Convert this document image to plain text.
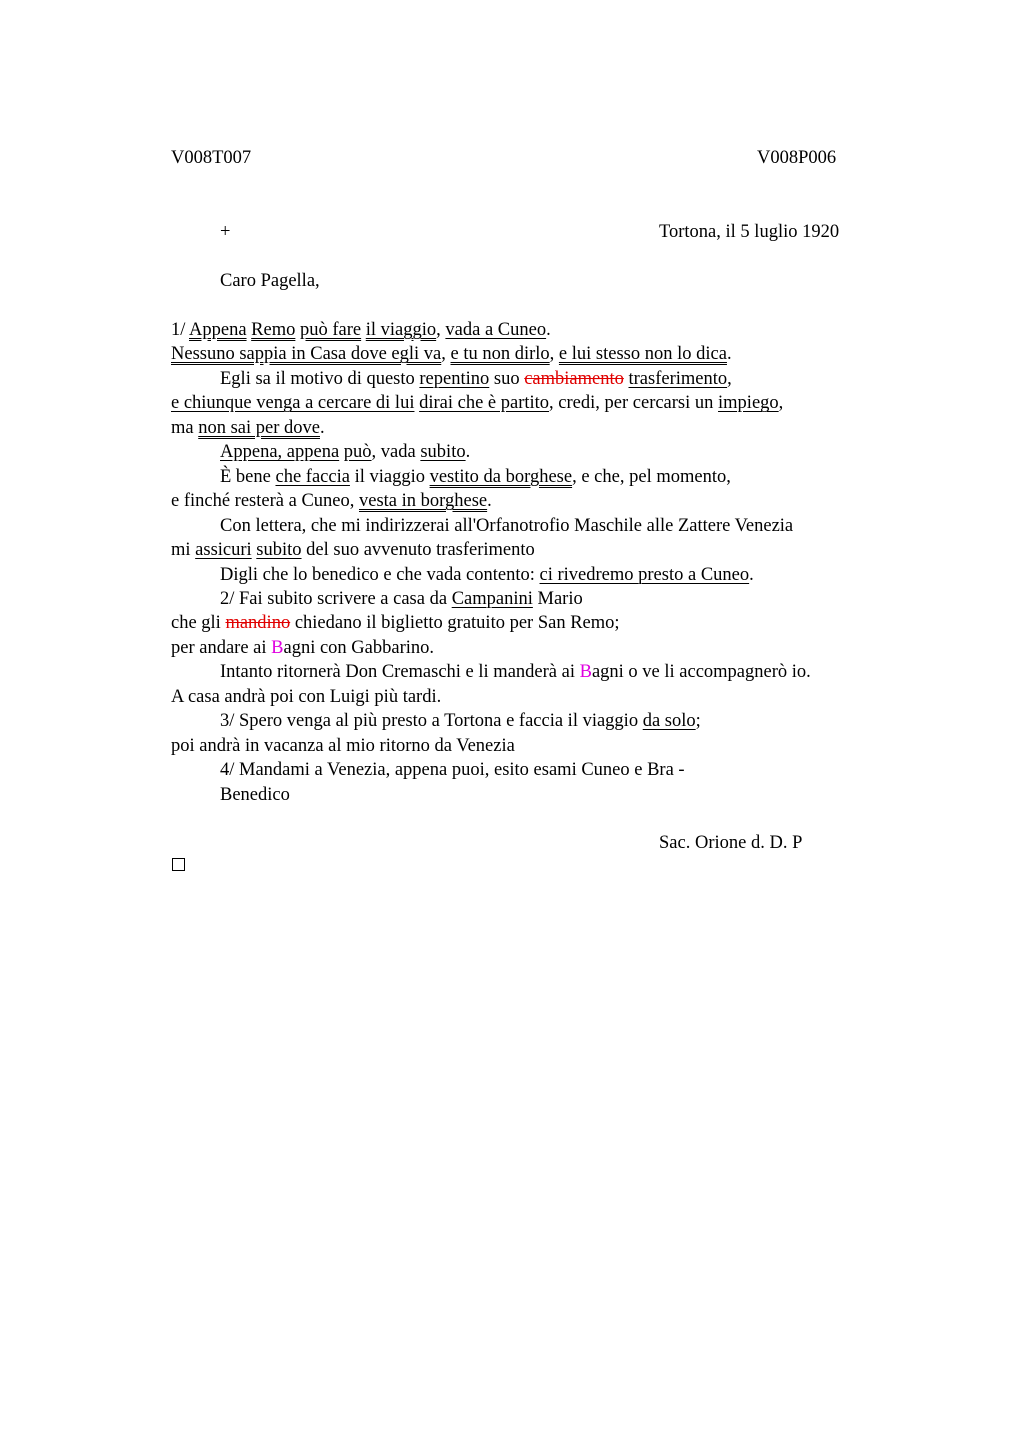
V008T007	V008P006
+	Tortona, il 5 luglio 1920
Caro Pagella,
1/ Appena Remo può fare il viaggio, vada a Cuneo.
Nessuno sappia in Casa dove egli va, e tu non dirlo, e lui stesso non lo dica.
Egli sa il motivo di questo repentino suo cambiamento trasferimento,
e chiunque venga a cercare di lui dirai che è partito, credi, per cercarsi un impiego,
ma non sai per dove.
Appena, appena può, vada subito.
È bene che faccia il viaggio vestito da borghese, e che, pel momento,
e finché resterà a Cuneo, vesta in borghese.
Con lettera, che mi indirizzerai all'Orfanotrofio Maschile alle Zattere Venezia
mi assicuri subito del suo avvenuto trasferimento
Digli che lo benedico e che vada contento: ci rivedremo presto a Cuneo.
2/ Fai subito scrivere a casa da Campanini Mario
che gli mandino chiedano il biglietto gratuito per San Remo;
per andare ai Bagni con Gabbarino.
Intanto ritornerà Don Cremaschi e li manderà ai Bagni o ve li accompagnerò io.
A casa andrà poi con Luigi più tardi.
3/ Spero venga al più presto a Tortona e faccia il viaggio da solo;
poi andrà in vacanza al mio ritorno da Venezia
4/ Mandami a Venezia, appena puoi, esito esami Cuneo e Bra -
Benedico
Sac. Orione d. D. P
